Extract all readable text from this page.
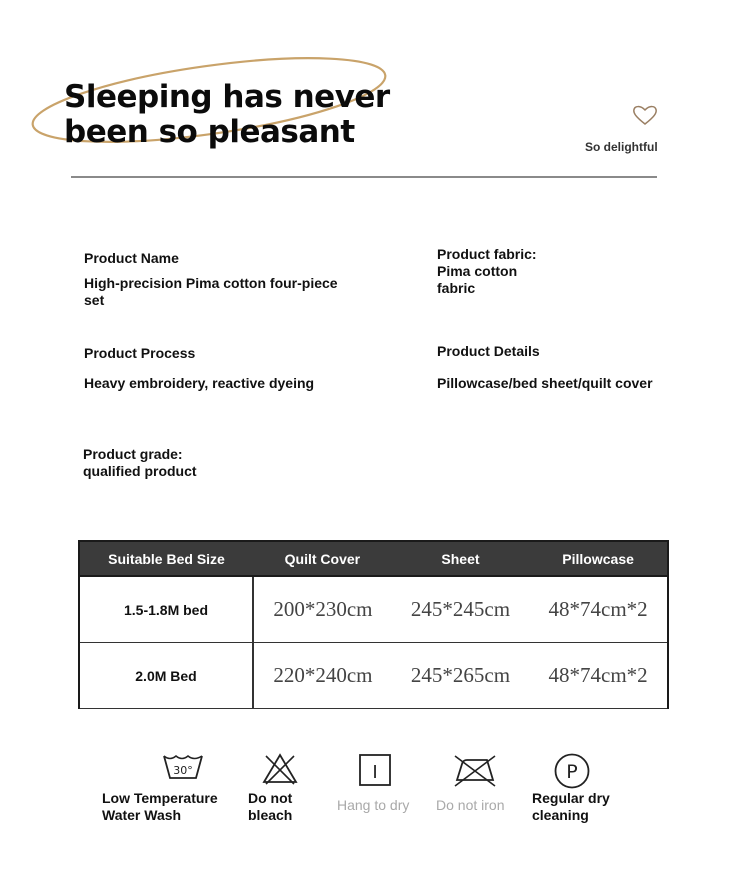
Sleeping has never
been so pleasant	So delightful
Product Name
High-precision Pima cotton four-piece set
Product fabric:
Pima cotton
fabric
Product Process
Heavy embroidery, reactive dyeing
Product Details
Pillowcase/bed sheet/quilt cover
Product grade:
qualified product
Suitable Bed Size	Quilt Cover	Sheet	Pillowcase
1.5-1.8M bed	200*230cm	245*245cm	48*74cm*2
2.0M Bed	220*240cm	245*265cm	48*74cm*2
30°
Low Temperature
Water Wash
Do not
bleach
I
Hang to dry Do not iron
P
Regular dry
cleaning
